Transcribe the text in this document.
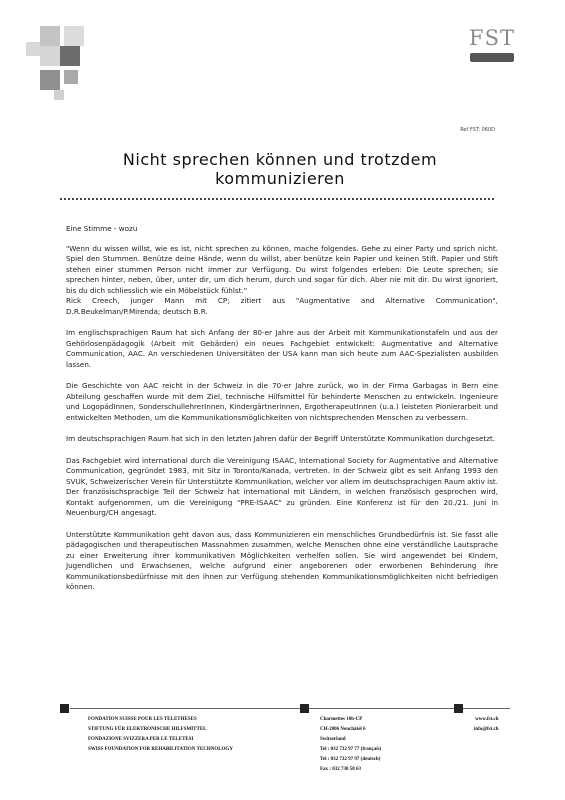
FST
Ref FST: 060D
Nicht sprechen können und trotzdem
kommunizieren

Eine Stimme - wozu

"Wenn du wissen willst, wie es ist, nicht sprechen zu können, mache folgendes. Gehe zu einer Party und sprich nicht. Spiel den Stummen. Benütze deine Hände, wenn du willst, aber benütze kein Papier und keinen Stift. Papier und Stift stehen einer stummen Person nicht immer zur Verfügung. Du wirst folgendes erleben: Die Leute sprechen; sie sprechen hinter, neben, über, unter dir, um dich herum, durch und sogar für dich. Aber nie mit dir. Du wirst ignoriert, bis du dich schliesslich wie ein Möbelstück fühlst."
Rick Creech, junger Mann mit CP; zitiert aus "Augmentative and Alternative Communication", D.R.Beukelman/P.Mirenda; deutsch B.R.

Im englischsprachigen Raum hat sich Anfang der 80-er Jahre aus der Arbeit mit Kommunikationstafeln und aus der Gehörlosenpädagogik (Arbeit mit Gebärden) ein neues Fachgebiet entwickelt: Augmentative and Alternative Communication, AAC. An verschiedenen Universitäten der USA kann man sich heute zum AAC-Spezialisten ausbilden lassen.

Die Geschichte von AAC reicht in der Schweiz in die 70-er Jahre zurück, wo in der Firma Garbagas in Bern eine Abteilung geschaffen wurde mit dem Ziel, technische Hilfsmittel für behinderte Menschen zu entwickeln. Ingenieure und LogopädInnen, SonderschullehrerInnen, Kindergärtnerinnen, ErgotherapeutInnen (u.a.) leisteten Pionierarbeit und entwickelten Methoden, um die Kommunikationsmöglichkeiten von nichtsprechenden Menschen zu verbessern.

Im deutschsprachigen Raum hat sich in den letzten Jahren dafür der Begriff Unterstützte Kommunikation durchgesetzt.

Das Fachgebiet wird international durch die Vereinigung ISAAC, International Society for Augmentative and Alternative Communication, gegründet 1983, mit Sitz in Toronto/Kanada, vertreten. In der Schweiz gibt es seit Anfang 1993 den SVUK, Schweizerischer Verein für Unterstützte Kommunikation, welcher vor allem im deutschsprachigen Raum aktiv ist. Der französischsprachige Teil der Schweiz hat international mit Ländern, in welchen französisch gesprochen wird, Kontakt aufgenommen, um die Vereinigung "PRE-ISAAC" zu gründen. Eine Konferenz ist für den 20./21. Juni in Neuenburg/CH angesagt.

Unterstützte Kommunikation geht davon aus, dass Kommunizieren ein menschliches Grundbedürfnis ist. Sie fasst alle pädagogischen und therapeutischen Massnahmen zusammen, welche Menschen ohne eine verständliche Lautsprache zu einer Erweiterung ihrer kommunikativen Möglichkeiten verhelfen sollen. Sie wird angewendet bei Kindern, Jugendlichen und Erwachsenen, welche aufgrund einer angeborenen oder erworbenen Behinderung ihre Kommunikationsbedürfnisse mit den ihnen zur Verfügung stehenden Kommunikationsmöglichkeiten nicht befriedigen können.

FONDATION SUISSE POUR LES TELETHESES
STIFTUNG FÜR ELEKTRONISCHE HILFSMITTEL
FONDAZIONE SVIZZERA PER LE TELETESI
SWISS FOUNDATION FOR REHABILITATION TECHNOLOGY
Charmettes 10b-CP
CH-2006 Neuchâtel 6
Switzerland
Tel : 032 732 97 77 (français)
Tel : 032 732 97 97 (deutsch)
Fax : 032 730 58 63
www.fst.ch
info@fst.ch
